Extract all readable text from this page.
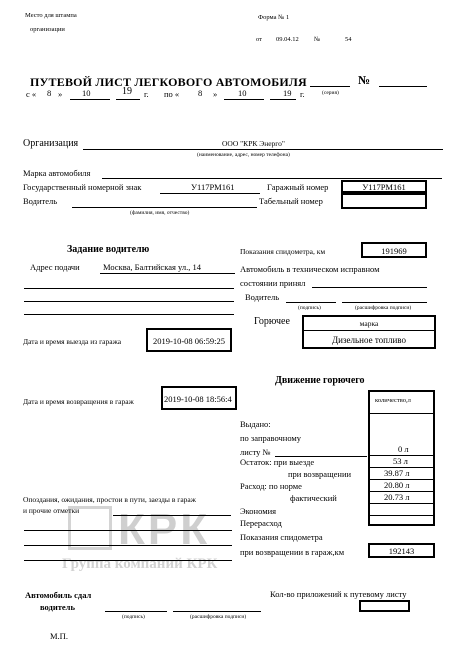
КРК
Группа компаний КРК
Место для штампа
организации
Форма № 1
от 09.04.12 №	54
ПУТЕВОЙ ЛИСТ ЛЕГКОВОГО АВТОМОБИЛЯ	№
(серия)
с « 8 » 10	19 г. по « 8 » 10	19 г.
Организация	ООО "КРК Энерго"
(наименование, адрес, номер телефона)
Марка автомобиля
Государственный номерной знак	У117РМ161	Гаражный номер	У117РМ161
Водитель	Табельный номер
(фамилия, имя, отчество)
Задание водителю
Адрес подачи	Москва, Балтийская ул., 14
Показания спидометра, км	191969
Автомобиль в техническом исправном
состоянии принял
Водитель
(подпись)	(расшифровка подписи)
Горючее	марка
Дизельное топливо
Дата и время выезда из гаража	2019-10-08 06:59:25
Дата и время возвращения в гараж	2019-10-08 18:56:4
Движение горючего
количество,л
Выдано:
по заправочному
листу №	0 л
Остаток: при выезде	53 л
при возвращении	39.87 л
Расход: по норме	20.80 л
фактический	20.73 л
Экономия
Перерасход
Показания спидометра
при возвращении в гараж,км	192143
Опоздания, ожидания, простои в пути, заезды в гараж
и прочие отметки
Автомобиль сдал
водитель
(подпись)	(расшифровка подписи)
Кол-во приложений к путевому листу
М.П.
